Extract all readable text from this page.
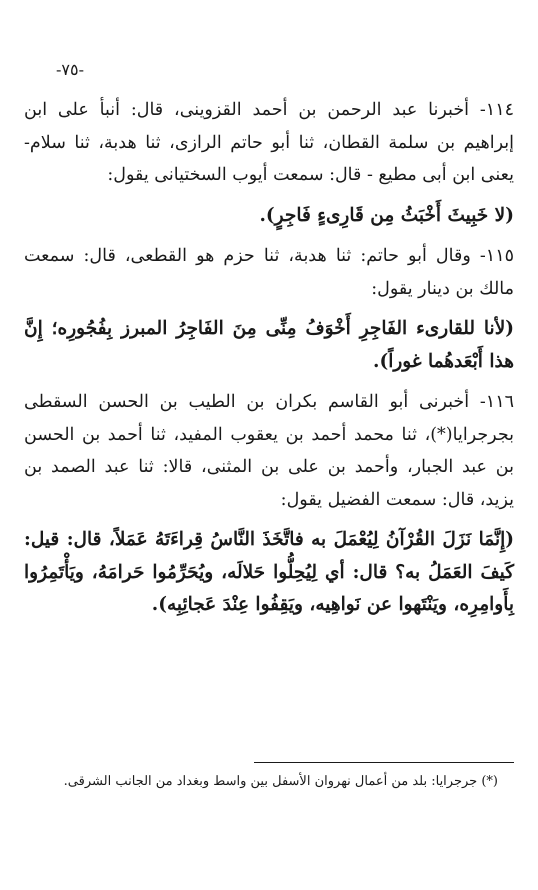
-٧٥-

١١٤- أخبرنا عبد الرحمن بن أحمد القزوينى، قال: أنبأ على ابن إبراهيم بن سلمة القطان، ثنا أبو حاتم الرازى، ثنا هدبة، ثنا سلام- يعنى ابن أبى مطيع - قال: سمعت أيوب السختيانى يقول:

(لا خَبِيثَ أَخْبَثُ مِن قَارِىءٍ فَاجِرٍ).

١١٥- وقال أبو حاتم: ثنا هدبة، ثنا حزم هو القطعى، قال: سمعت مالك بن دينار يقول:

(لأنا للقارىء الفَاجِرِ أَخْوَفُ مِنِّى مِنَ الفَاجِرُ المبرز بِفُجُورِه؛ إِنَّ هذا أَبْعَدهُما غوراً).

١١٦- أخبرنى أبو القاسم بكران بن الطيب بن الحسن السقطى بجرجرايا(*)، ثنا محمد أحمد بن يعقوب المفيد، ثنا أحمد بن الحسن بن عبد الجبار، وأحمد بن على بن المثنى، قالا: ثنا عبد الصمد بن يزيد، قال: سمعت الفضيل يقول:

(إِنَّمَا نَزَلَ القُرْآنُ لِيُعْمَلَ به فاتَّخَذَ النَّاسُ قِراءَتَهُ عَمَلاً، قال: قيل: كَيفَ العَمَلُ به؟ قال: أي لِيُحِلُّوا حَلالَه، ويُحَرِّمُوا حَرامَهُ، ويَأْتَمِرُوا بِأَوامِرِه، ويَنْتَهوا عن نَواهِيه، ويَقِفُوا عِنْدَ عَجائِبِه).

(*) جرجرايا: بلد من أعمال نهروان الأسفل بين واسط وبغداد من الجانب الشرقى.
